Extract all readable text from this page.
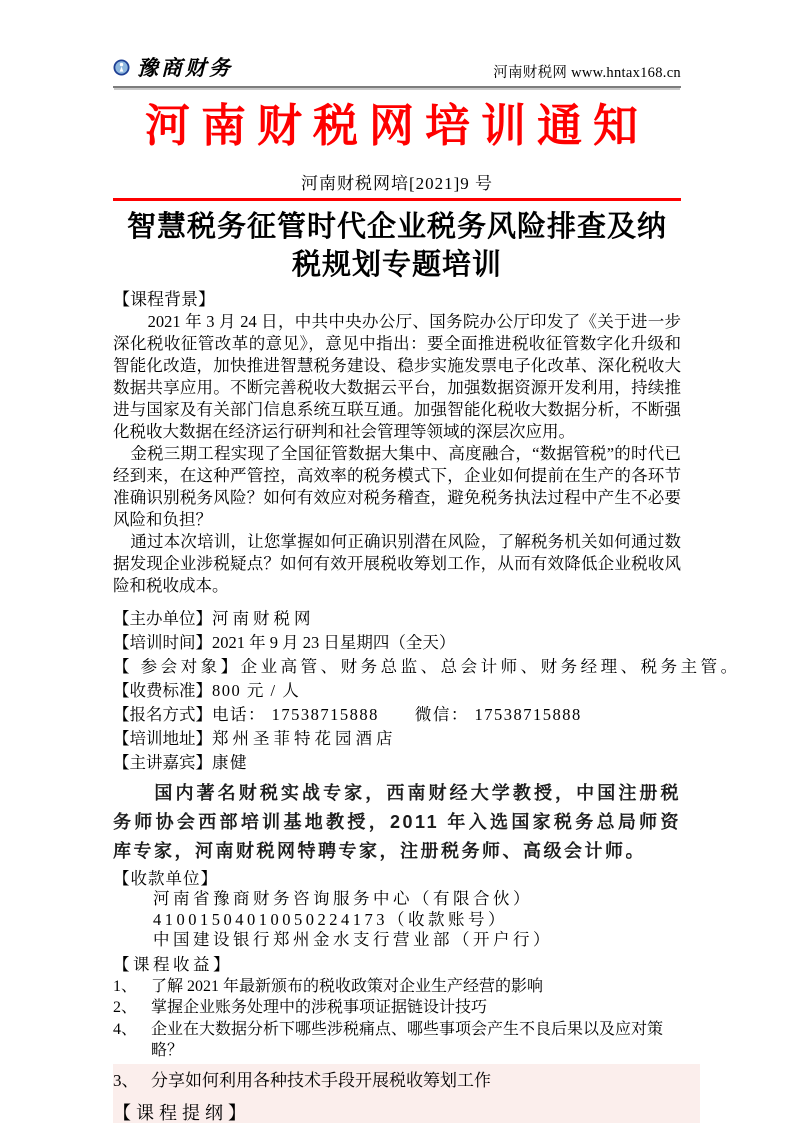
豫商财务	河南财税网 www.hntax168.cn
河南财税网培训通知
河南财税网培[2021]9 号
智慧税务征管时代企业税务风险排查及纳税规划专题培训
【课程背景】
2021 年 3 月 24 日，中共中央办公厅、国务院办公厅印发了《关于进一步深化税收征管改革的意见》，意见中指出：要全面推进税收征管数字化升级和智能化改造，加快推进智慧税务建设、稳步实施发票电子化改革、深化税收大数据共享应用。不断完善税收大数据云平台，加强数据资源开发利用，持续推进与国家及有关部门信息系统互联互通。加强智能化税收大数据分析，不断强化税收大数据在经济运行研判和社会管理等领域的深层次应用。
金税三期工程实现了全国征管数据大集中、高度融合，“数据管税”的时代已经到来，在这种严管控，高效率的税务模式下，企业如何提前在生产的各环节准确识别税务风险？如何有效应对税务稽查，避免税务执法过程中产生不必要风险和负担？
通过本次培训，让您掌握如何正确识别潜在风险，了解税务机关如何通过数据发现企业涉税疑点？如何有效开展税收筹划工作，从而有效降低企业税收风险和税收成本。
【主办单位】河南财税网
【培训时间】2021 年 9 月 23 日星期四（全天）
【 参会对象】企业高管、财务总监、总会计师、财务经理、税务主管。
【收费标准】800 元 / 人
【报名方式】电话： 17538715888　　微信： 17538715888
【培训地址】郑州圣菲特花园酒店
【主讲嘉宾】康健
国内著名财税实战专家，西南财经大学教授，中国注册税务师协会西部培训基地教授，2011 年入选国家税务总局师资库专家，河南财税网特聘专家，注册税务师、高级会计师。
【收款单位】
河南省豫商财务咨询服务中心（有限合伙）
41001504010050224173（收款账号）
中国建设银行郑州金水支行营业部（开户行）
【课程收益】
1、 了解 2021 年最新颁布的税收政策对企业生产经营的影响
2、 掌握企业账务处理中的涉税事项证据链设计技巧
4、 企业在大数据分析下哪些涉税痛点、哪些事项会产生不良后果以及应对策略？
3、 分享如何利用各种技术手段开展税收筹划工作
【课程提纲】
